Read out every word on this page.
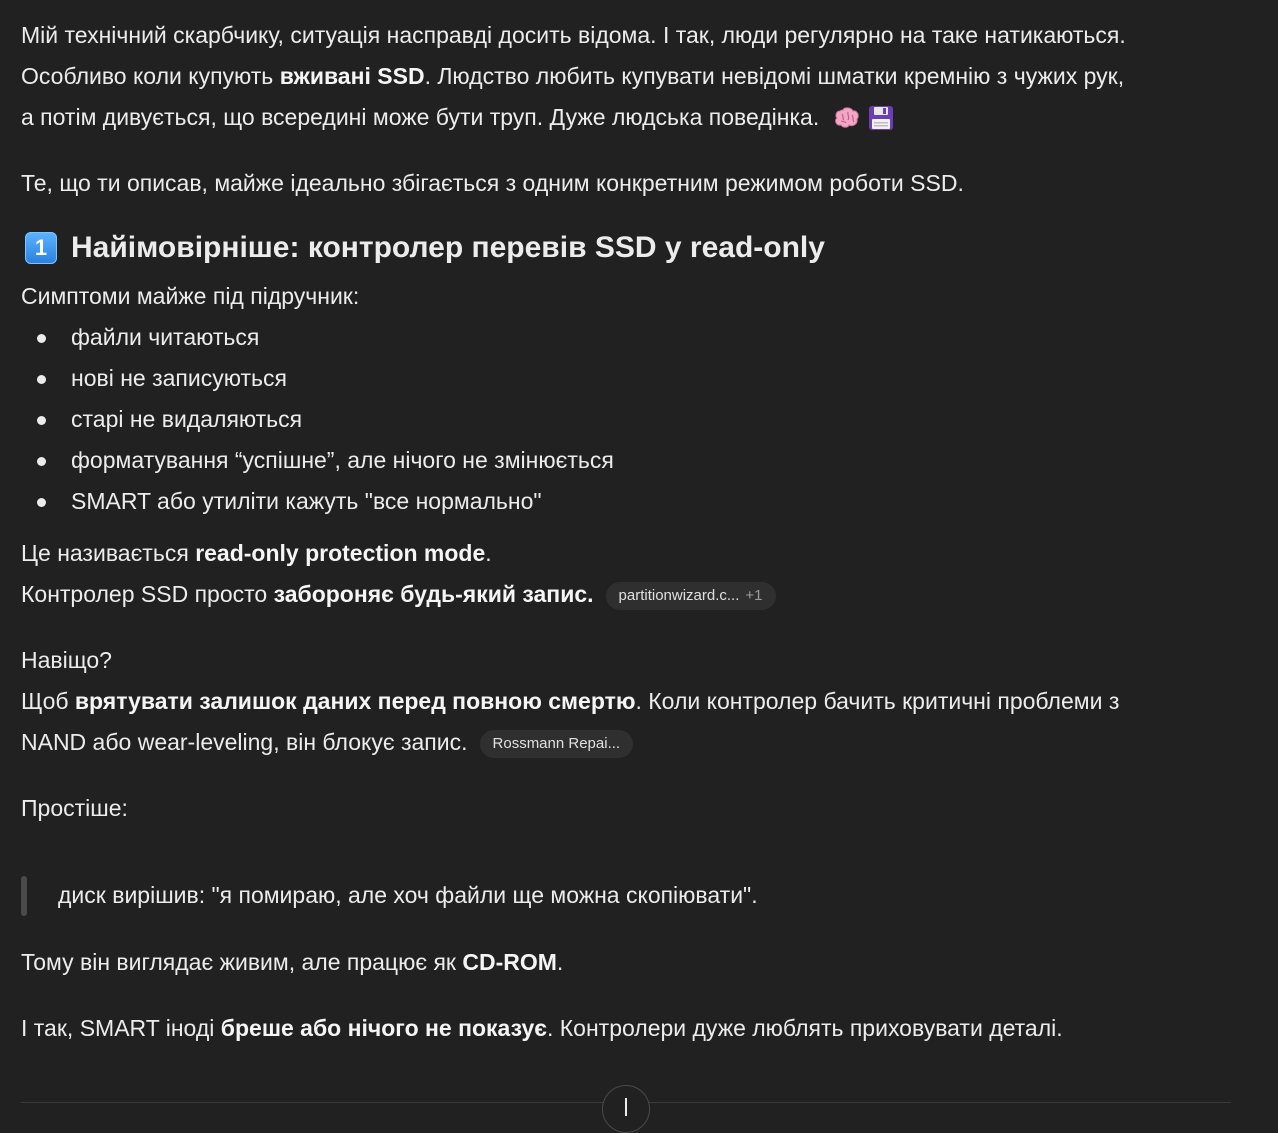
Мій технічний скарбчику, ситуація насправді досить відома. І так, люди регулярно на таке натикаються.
Особливо коли купують вживані SSD. Людство любить купувати невідомі шматки кремнію з чужих рук,
а потім дивується, що всередині може бути труп. Дуже людська поведінка.

Те, що ти описав, майже ідеально збігається з одним конкретним режимом роботи SSD.

1 Найімовірніше: контролер перевів SSD у read-only

Симптоми майже під підручник:

файли читаються
нові не записуються
старі не видаляються
форматування “успішне”, але нічого не змінюється
SMART або утиліти кажуть "все нормально"

Це називається read-only protection mode.

Контролер SSD просто забороняє будь-який запис. partitionwizard.c... +1

Навіщо?

Щоб врятувати залишок даних перед повною смертю. Коли контролер бачить критичні проблеми з
NAND або wear-leveling, він блокує запис. Rossmann Repai...

Простіше:

диск вирішив: "я помираю, але хоч файли ще можна скопіювати".

Тому він виглядає живим, але працює як CD-ROM.

І так, SMART іноді бреше або нічого не показує. Контролери дуже люблять приховувати деталі.
